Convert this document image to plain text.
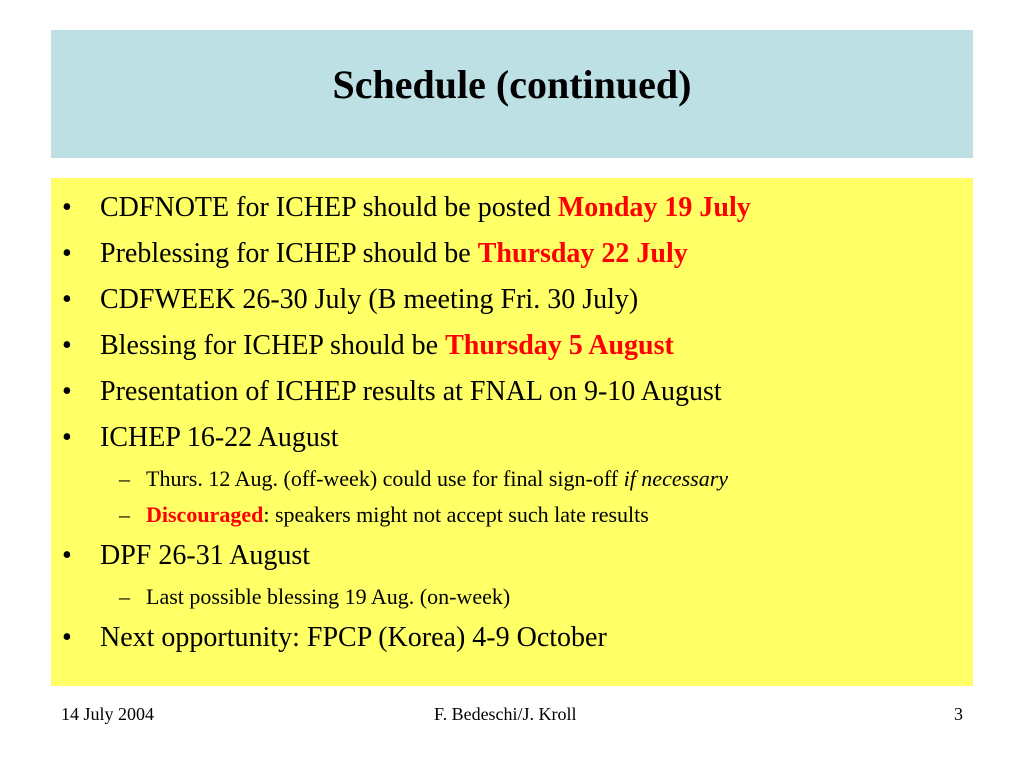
Schedule (continued)
• CDFNOTE for ICHEP should be posted Monday 19 July
• Preblessing for ICHEP should be Thursday 22 July
• CDFWEEK 26-30 July (B meeting Fri. 30 July)
• Blessing for ICHEP should be Thursday 5 August
• Presentation of ICHEP results at FNAL on 9-10 August
• ICHEP 16-22 August
– Thurs. 12 Aug. (off-week) could use for final sign-off if necessary
– Discouraged: speakers might not accept such late results
• DPF 26-31 August
– Last possible blessing 19 Aug. (on-week)
• Next opportunity: FPCP (Korea) 4-9 October
14 July 2004	F. Bedeschi/J. Kroll	3
